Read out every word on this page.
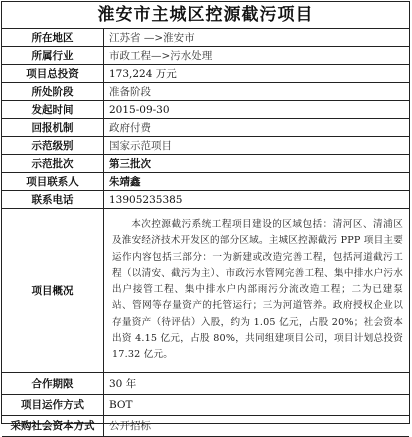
淮安市主城区控源截污项目
所在地区	江苏省 —>淮安市
所属行业	市政工程—>污水处理
项目总投资	173,224 万元
所处阶段	准备阶段
发起时间	2015-09-30
回报机制	政府付费
示范级别	国家示范项目
示范批次	第三批次
项目联系人	朱靖鑫
联系电话	13905235385
项目概况	本次控源截污系统工程项目建设的区域包括：清河区、清浦区及淮安经济技术开发区的部分区域。主城区控源截污 PPP 项目主要运作内容包括三部分：一为新建或改造完善工程，包括河道截污工程（以清安、截污为主）、市政污水管网完善工程、集中排水户污水出户接管工程、集中排水户内部雨污分流改造工程；二为已建泵站、管网等存量资产的托管运行；三为河道管养。政府授权企业以存量资产（待评估）入股，约为 1.05 亿元，占股 20%；社会资本出资 4.15 亿元，占股 80%，共同组建项目公司，项目计划总投资 17.32 亿元。

合作期限	30 年
项目运作方式	BOT
采购社会资本方式	公开招标
